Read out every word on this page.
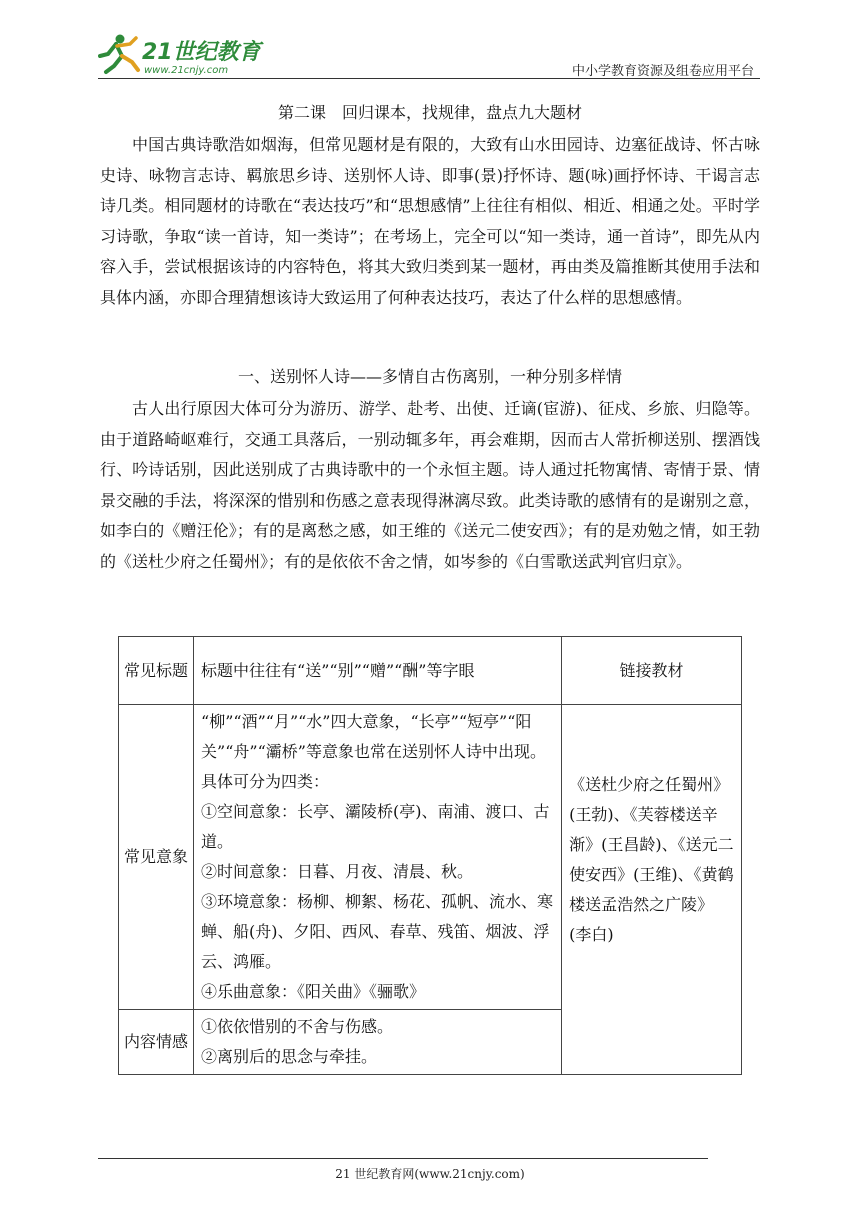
21世纪教育
www.21cnjy.com	中小学教育资源及组卷应用平台
第二课　回归课本，找规律，盘点九大题材

中国古典诗歌浩如烟海，但常见题材是有限的，大致有山水田园诗、边塞征战诗、怀古咏史诗、咏物言志诗、羁旅思乡诗、送别怀人诗、即事(景)抒怀诗、题(咏)画抒怀诗、干谒言志诗几类。相同题材的诗歌在“表达技巧”和“思想感情”上往往有相似、相近、相通之处。平时学习诗歌，争取“读一首诗，知一类诗”；在考场上，完全可以“知一类诗，通一首诗”，即先从内容入手，尝试根据该诗的内容特色，将其大致归类到某一题材，再由类及篇推断其使用手法和具体内涵，亦即合理猜想该诗大致运用了何种表达技巧，表达了什么样的思想感情。

一、送别怀人诗——多情自古伤离别，一种分别多样情

古人出行原因大体可分为游历、游学、赴考、出使、迁谪(宦游)、征戍、乡旅、归隐等。由于道路崎岖难行，交通工具落后，一别动辄多年，再会难期，因而古人常折柳送别、摆酒饯行、吟诗话别，因此送别成了古典诗歌中的一个永恒主题。诗人通过托物寓情、寄情于景、情景交融的手法，将深深的惜别和伤感之意表现得淋漓尽致。此类诗歌的感情有的是谢别之意，如李白的《赠汪伦》；有的是离愁之感，如王维的《送元二使安西》；有的是劝勉之情，如王勃的《送杜少府之任蜀州》；有的是依依不舍之情，如岑参的《白雪歌送武判官归京》。

常见标题	标题中往往有“送”“别”“赠”“酬”等字眼	链接教材
常见意象	“柳”“酒”“月”“水”四大意象，“长亭”“短亭”“阳关”“舟”“灞桥”等意象也常在送别怀人诗中出现。具体可分为四类：
①空间意象：长亭、灞陵桥(亭)、南浦、渡口、古道。
②时间意象：日暮、月夜、清晨、秋。
③环境意象：杨柳、柳絮、杨花、孤帆、流水、寒蝉、船(舟)、夕阳、西风、春草、残笛、烟波、浮云、鸿雁。
④乐曲意象：《阳关曲》《骊歌》	《送杜少府之任蜀州》(王勃)、《芙蓉楼送辛渐》(王昌龄)、《送元二使安西》(王维)、《黄鹤楼送孟浩然之广陵》(李白)
内容情感	①依依惜别的不舍与伤感。
②离别后的思念与牵挂。	
21 世纪教育网(www.21cnjy.com)
